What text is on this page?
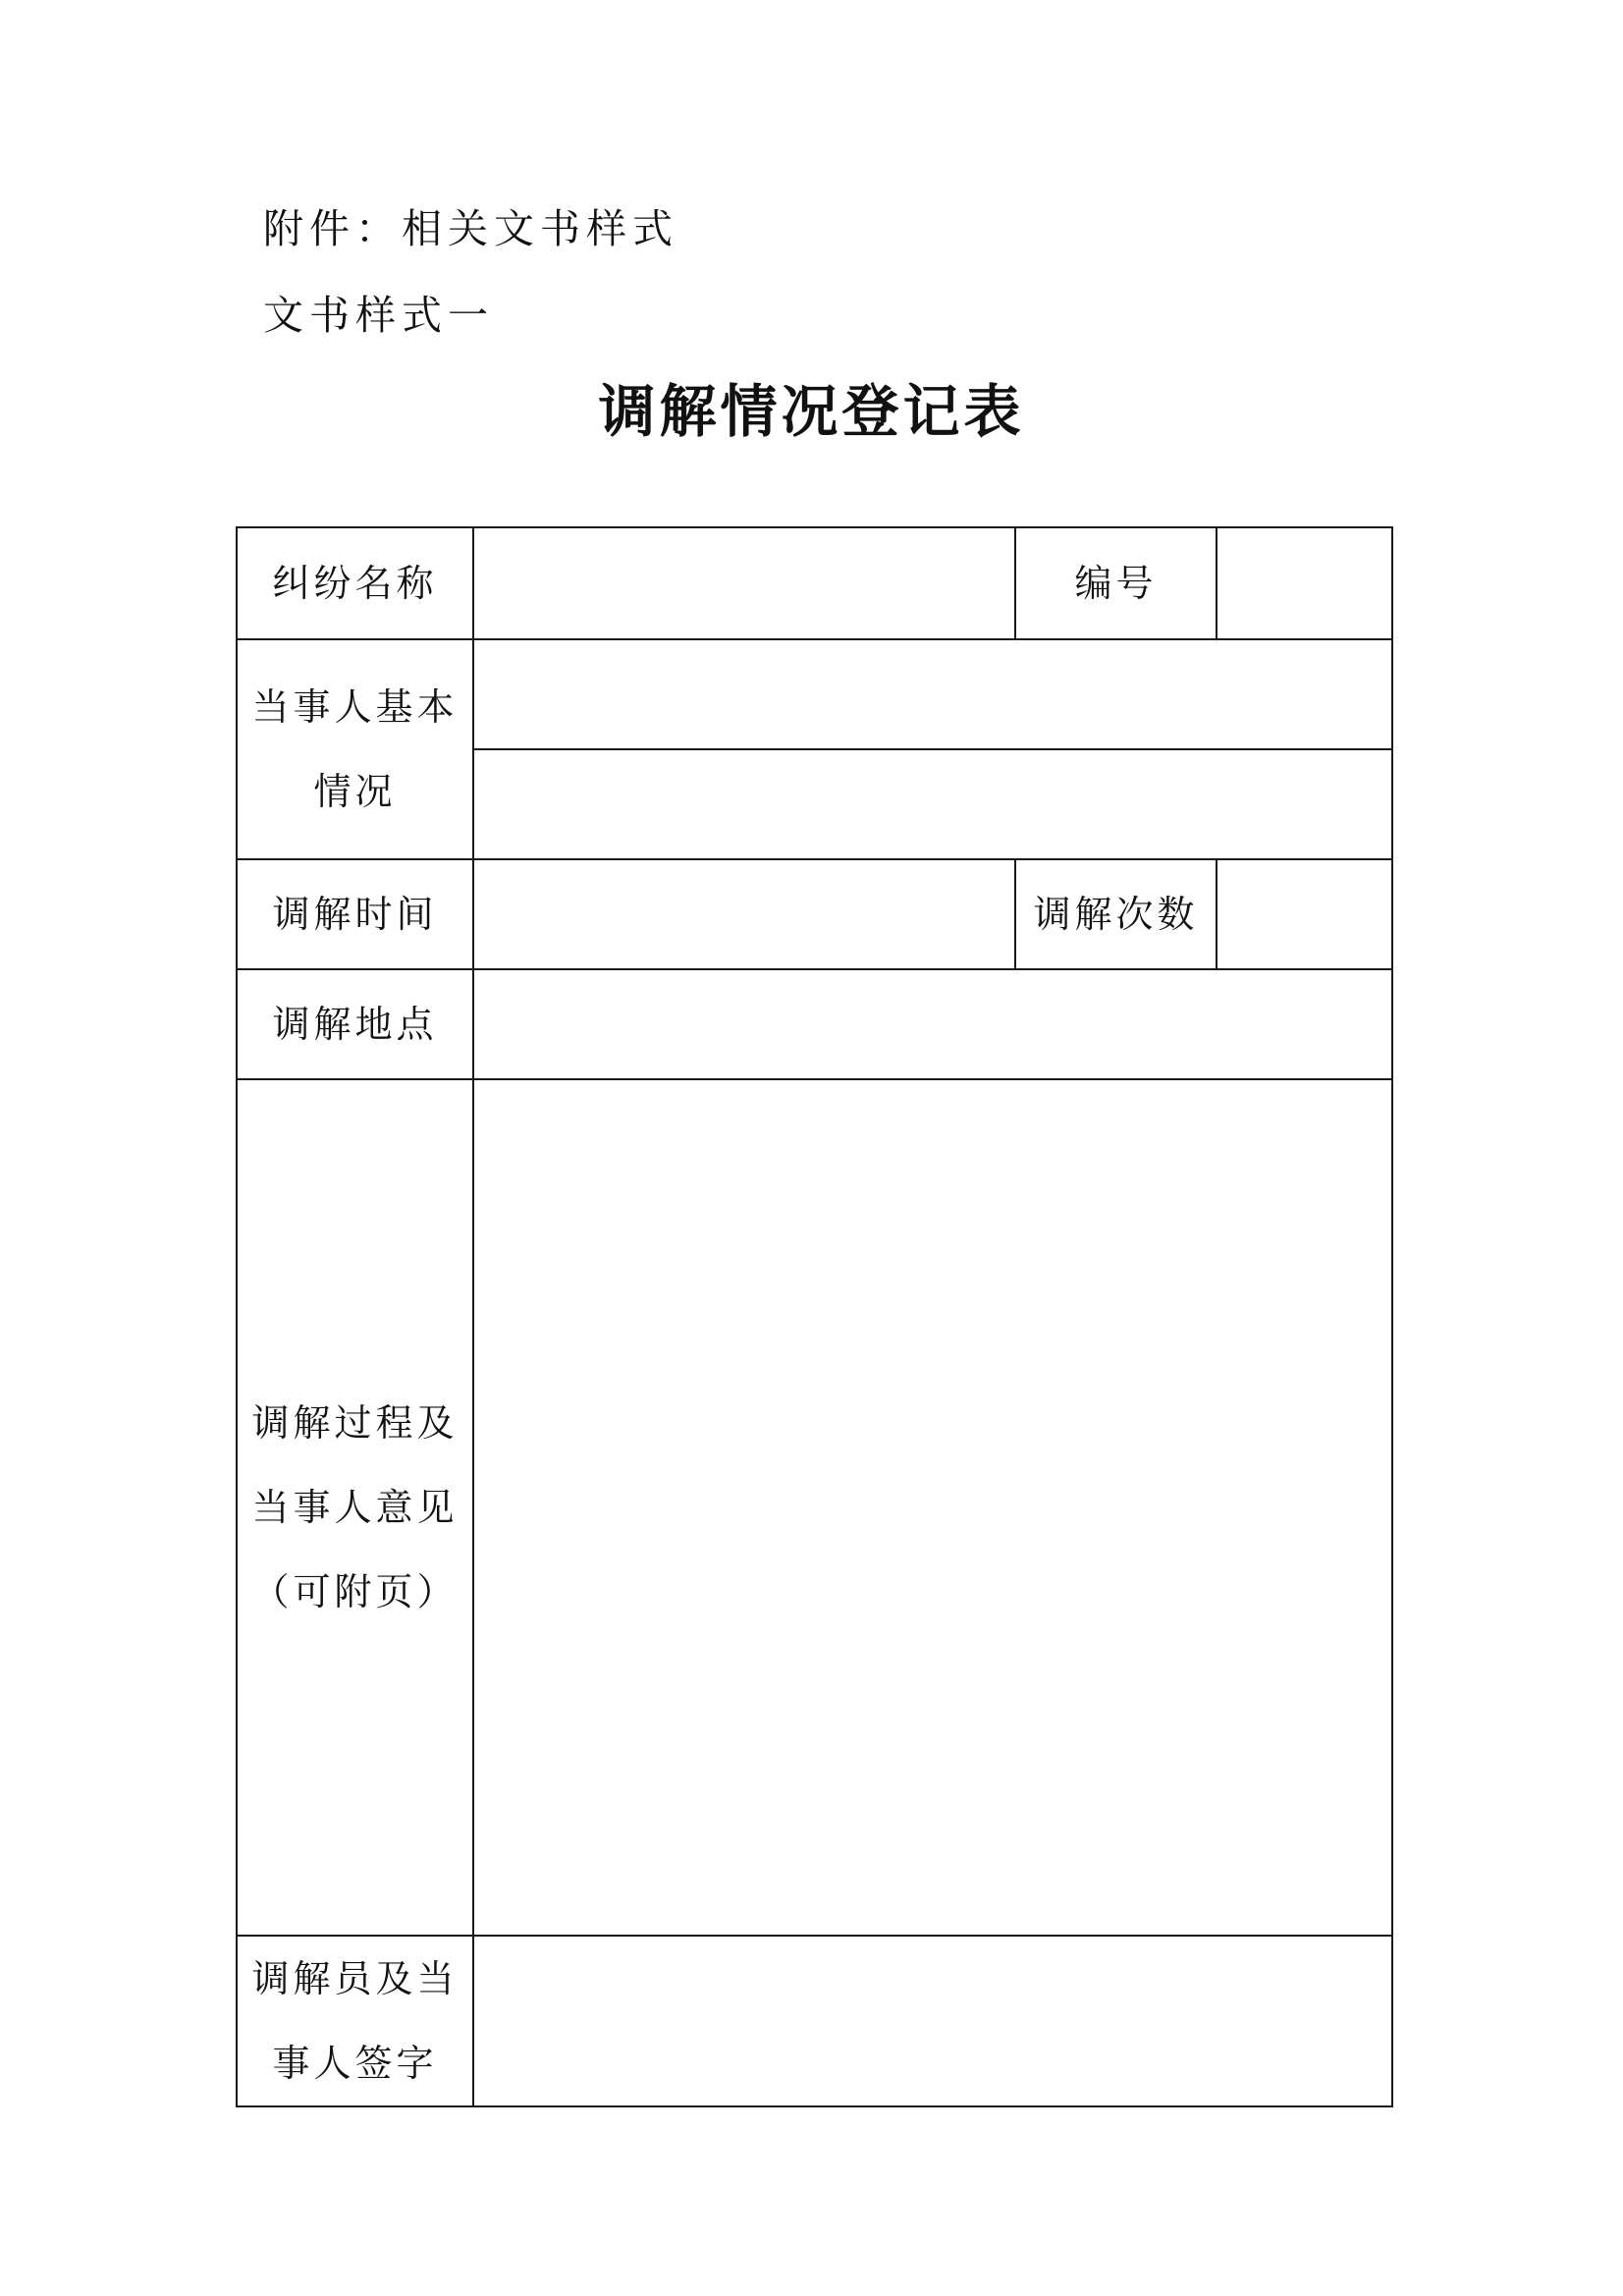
附件：相关文书样式
文书样式一
调解情况登记表
纠纷名称		编号	

当事人基本
情况			

调解时间		调解次数	
调解地点			

调解过程及
当事人意见
（可附页）			

调解员及当
事人签字			
